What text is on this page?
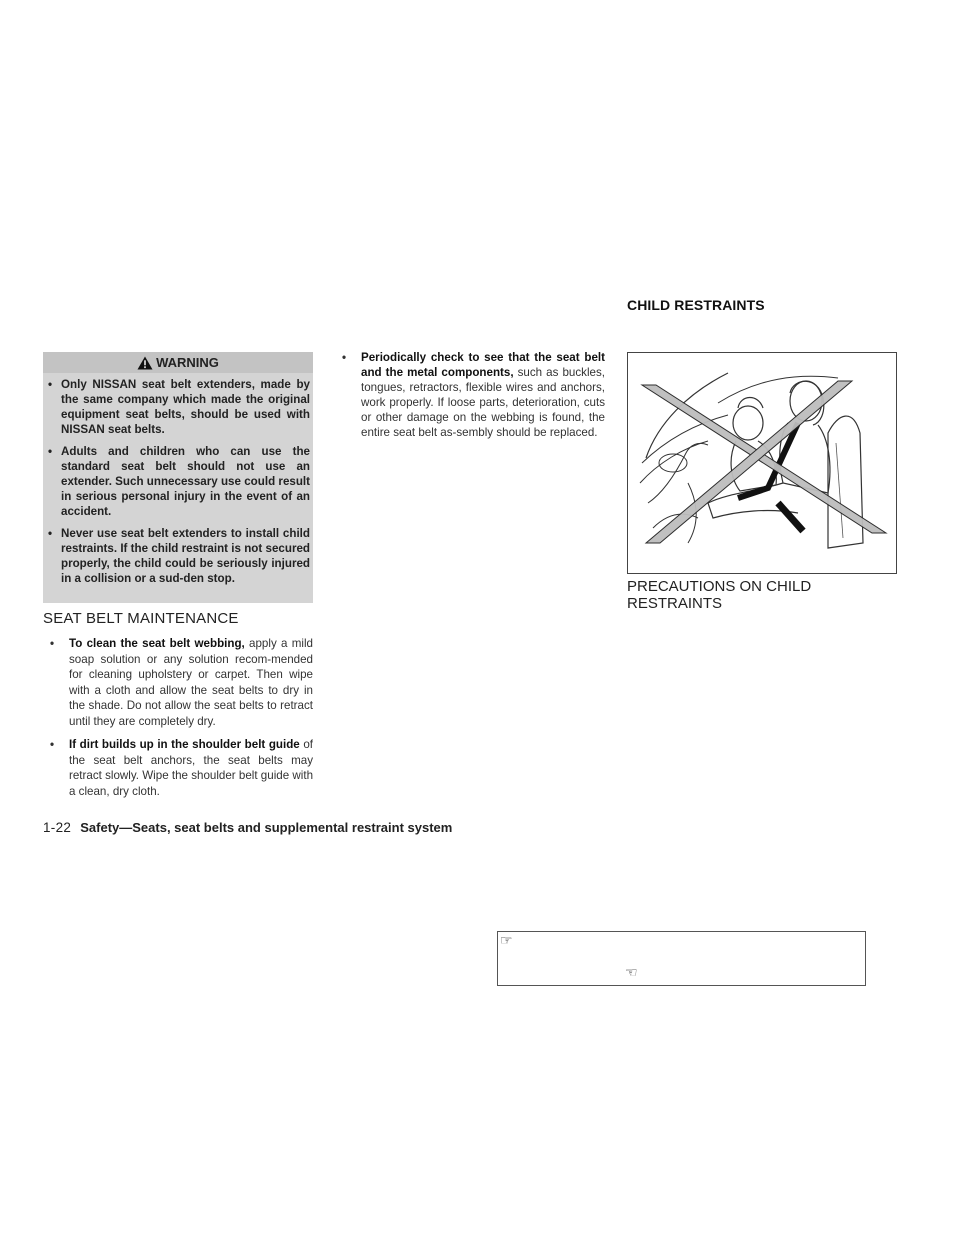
WARNING
• Only NISSAN seat belt extenders, made by the same company which made the original equipment seat belts, should be used with NISSAN seat belts.
• Adults and children who can use the standard seat belt should not use an extender. Such unnecessary use could result in serious personal injury in the event of an accident.
• Never use seat belt extenders to install child restraints. If the child restraint is not secured properly, the child could be seriously injured in a collision or a sud-den stop.
SEAT BELT MAINTENANCE
• To clean the seat belt webbing, apply a mild soap solution or any solution recom-mended for cleaning upholstery or carpet. Then wipe with a cloth and allow the seat belts to dry in the shade. Do not allow the seat belts to retract until they are completely dry.
• If dirt builds up in the shoulder belt guide of the seat belt anchors, the seat belts may retract slowly. Wipe the shoulder belt guide with a clean, dry cloth.
• Periodically check to see that the seat belt and the metal components, such as buckles, tongues, retractors, flexible wires and anchors, work properly. If loose parts, deterioration, cuts or other damage on the webbing is found, the entire seat belt as-sembly should be replaced.
1-22 Safety—Seats, seat belts and supplemental restraint system
CHILD RESTRAINTS
PRECAUTIONS ON CHILD RESTRAINTS
☞
☜
